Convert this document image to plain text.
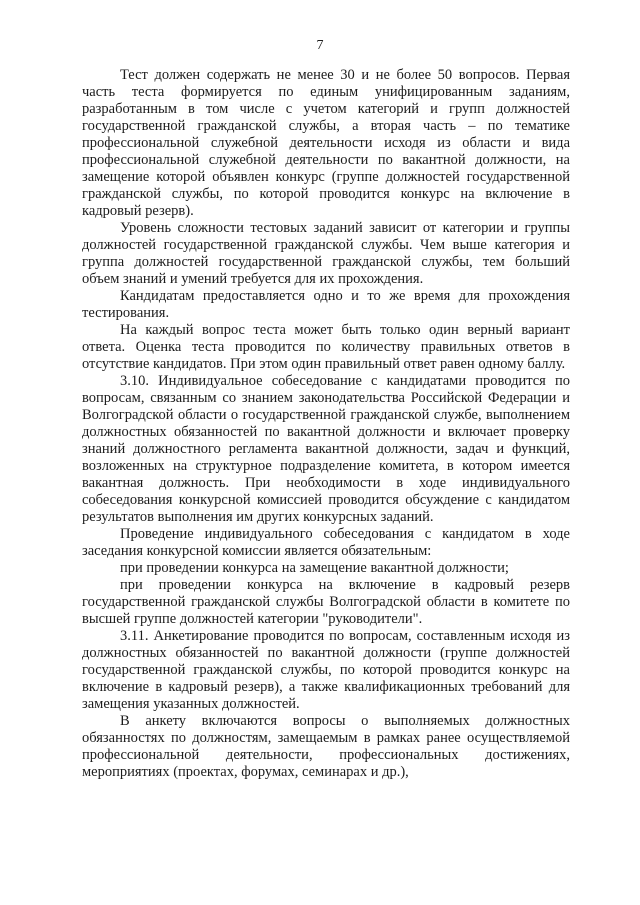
7

Тест должен содержать не менее 30 и не более 50 вопросов. Первая часть теста формируется по единым унифицированным заданиям, разработанным в том числе с учетом категорий и групп должностей государственной гражданской службы, а вторая часть – по тематике профессиональной служебной деятельности исходя из области и вида профессиональной служебной деятельности по вакантной должности, на замещение которой объявлен конкурс (группе должностей государственной гражданской службы, по которой проводится конкурс на включение в кадровый резерв).

Уровень сложности тестовых заданий зависит от категории и группы должностей государственной гражданской службы. Чем выше категория и группа должностей государственной гражданской службы, тем больший объем знаний и умений требуется для их прохождения.

Кандидатам предоставляется одно и то же время для прохождения тестирования.

На каждый вопрос теста может быть только один верный вариант ответа. Оценка теста проводится по количеству правильных ответов в отсутствие кандидатов. При этом один правильный ответ равен одному баллу.

3.10. Индивидуальное собеседование с кандидатами проводится по вопросам, связанным со знанием законодательства Российской Федерации и Волгоградской области о государственной гражданской службе, выполнением должностных обязанностей по вакантной должности и включает проверку знаний должностного регламента вакантной должности, задач и функций, возложенных на структурное подразделение комитета, в котором имеется вакантная должность. При необходимости в ходе индивидуального собеседования конкурсной комиссией проводится обсуждение с кандидатом результатов выполнения им других конкурсных заданий.

Проведение индивидуального собеседования с кандидатом в ходе заседания конкурсной комиссии является обязательным:

при проведении конкурса на замещение вакантной должности;

при проведении конкурса на включение в кадровый резерв государственной гражданской службы Волгоградской области в комитете по высшей группе должностей категории "руководители".

3.11. Анкетирование проводится по вопросам, составленным исходя из должностных обязанностей по вакантной должности (группе должностей государственной гражданской службы, по которой проводится конкурс на включение в кадровый резерв), а также квалификационных требований для замещения указанных должностей.

В анкету включаются вопросы о выполняемых должностных обязанностях по должностям, замещаемым в рамках ранее осуществляемой профессиональной деятельности, профессиональных достижениях, мероприятиях (проектах, форумах, семинарах и др.),
